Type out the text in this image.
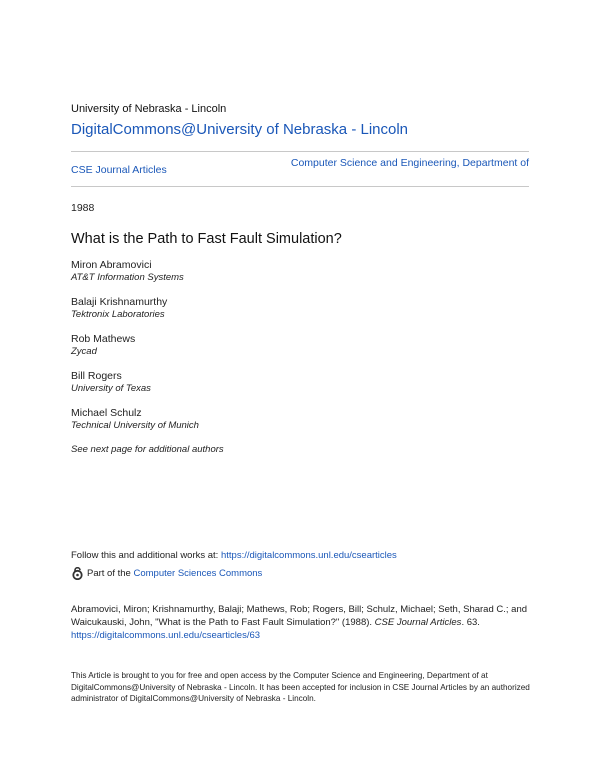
University of Nebraska - Lincoln
DigitalCommons@University of Nebraska - Lincoln
CSE Journal Articles
Computer Science and Engineering, Department of
1988
What is the Path to Fast Fault Simulation?
Miron Abramovici
AT&T Information Systems
Balaji Krishnamurthy
Tektronix Laboratories
Rob Mathews
Zycad
Bill Rogers
University of Texas
Michael Schulz
Technical University of Munich
See next page for additional authors
Follow this and additional works at: https://digitalcommons.unl.edu/csearticles
Part of the
Computer Sciences Commons
Abramovici, Miron; Krishnamurthy, Balaji; Mathews, Rob; Rogers, Bill; Schulz, Michael; Seth, Sharad C.; and Waicukauski, John, "What is the Path to Fast Fault Simulation?" (1988). CSE Journal Articles. 63.
https://digitalcommons.unl.edu/csearticles/63
This Article is brought to you for free and open access by the Computer Science and Engineering, Department of at DigitalCommons@University of Nebraska - Lincoln. It has been accepted for inclusion in CSE Journal Articles by an authorized administrator of DigitalCommons@University of Nebraska - Lincoln.
